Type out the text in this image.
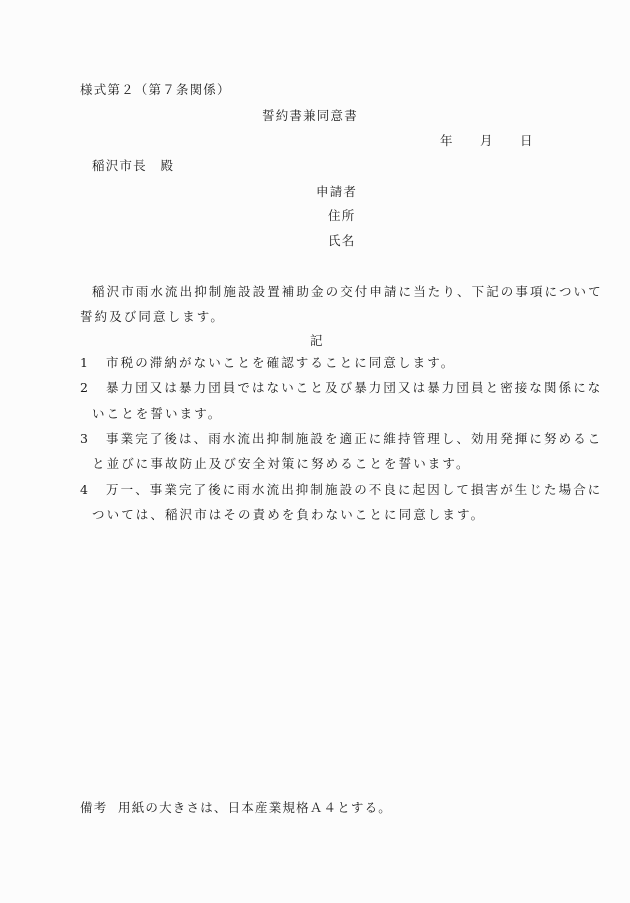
様式第２（第７条関係）
誓約書兼同意書
年 月 日
稲沢市長　殿
申請者
住所
氏名
稲沢市雨水流出抑制施設設置補助金の交付申請に当たり、下記の事項について
誓約及び同意します。
記
1 市税の滞納がないことを確認することに同意します。
2 暴力団又は暴力団員ではないこと及び暴力団又は暴力団員と密接な関係にな
いことを誓います。
3 事業完了後は、雨水流出抑制施設を適正に維持管理し、効用発揮に努めるこ
と並びに事故防止及び安全対策に努めることを誓います。
4 万一、事業完了後に雨水流出抑制施設の不良に起因して損害が生じた場合に
ついては、稲沢市はその責めを負わないことに同意します。
備考 用紙の大きさは、日本産業規格Ａ４とする。
